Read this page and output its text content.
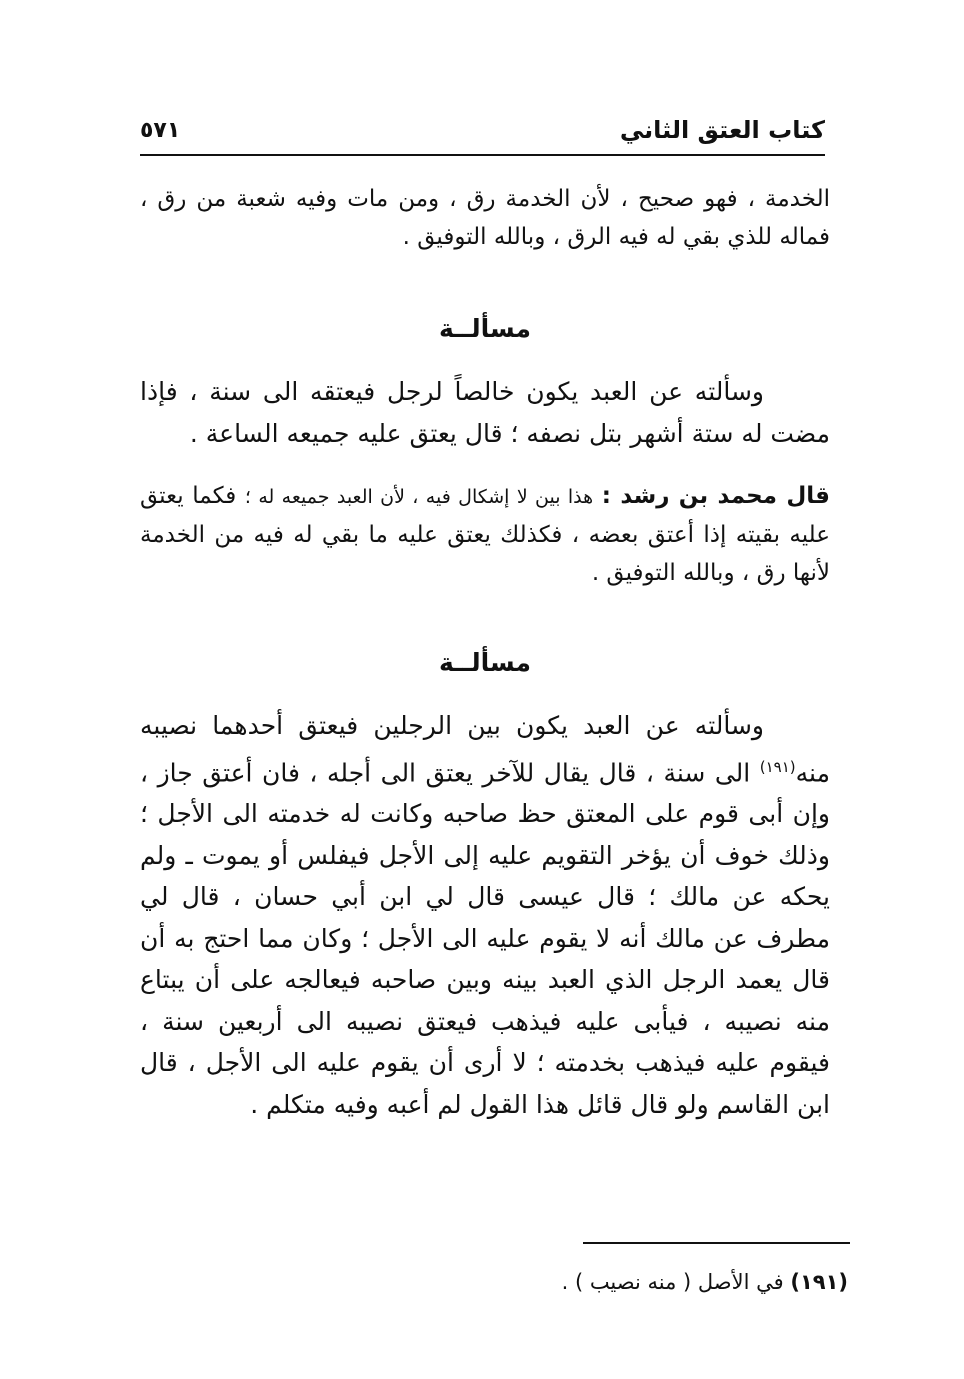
كتاب العتق الثاني
٥٧١

الخدمة ، فهو صحيح ، لأن الخدمة رق ، ومن مات وفيه شعبة من رق ، فماله للذي بقي له فيه الرق ، وبالله التوفيق .

مسألــة

وسألته عن العبد يكون خالصاً لرجل فيعتقه الى سنة ، فإذا مضت له ستة أشهر بتل نصفه ؛ قال يعتق عليه جميعه الساعة .

قال محمد بن رشد : هذا بين لا إشكال فيه ، لأن العبد جميعه له ؛ فكما يعتق عليه بقيته إذا أعتق بعضه ، فكذلك يعتق عليه ما بقي له فيه من الخدمة لأنها رق ، وبالله التوفيق .

مسألــة

وسألته عن العبد يكون بين الرجلين فيعتق أحدهما نصيبه منه$^{(١٩١)}$ الى سنة ، قال يقال للآخر يعتق الى أجله ، فان أعتق جاز ، وإن أبى قوم على المعتق حظ صاحبه وكانت له خدمته الى الأجل ؛ وذلك خوف أن يؤخر التقويم عليه إلى الأجل فيفلس أو يموت ـ ولم يحكه عن مالك ؛ قال عيسى قال لي ابن أبي حسان ، قال لي مطرف عن مالك أنه لا يقوم عليه الى الأجل ؛ وكان مما احتج به أن قال يعمد الرجل الذي العبد بينه وبين صاحبه فيعالجه على أن يبتاع منه نصيبه ، فيأبى عليه فيذهب فيعتق نصيبه الى أربعين سنة ، فيقوم عليه فيذهب بخدمته ؛ لا أرى أن يقوم عليه الى الأجل ، قال ابن القاسم ولو قال قائل هذا القول لم أعبه وفيه متكلم .

(١٩١) في الأصل ( منه نصيب ) .
